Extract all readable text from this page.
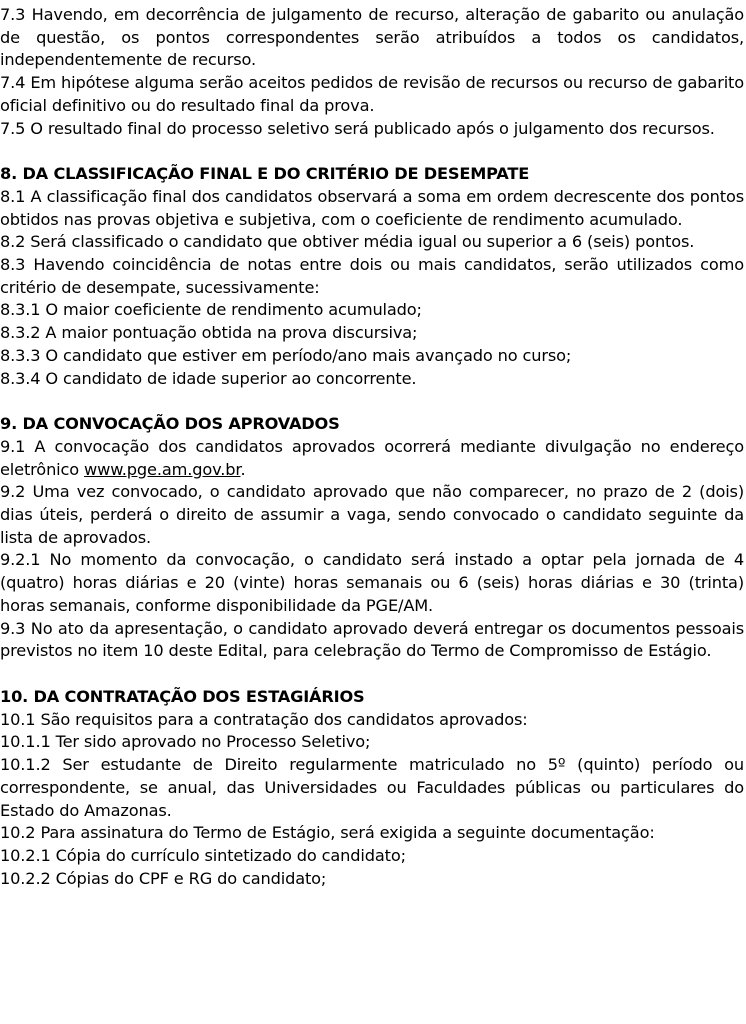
7.3 Havendo, em decorrência de julgamento de recurso, alteração de gabarito ou anulação de questão, os pontos correspondentes serão atribuídos a todos os candidatos, independentemente de recurso.

7.4 Em hipótese alguma serão aceitos pedidos de revisão de recursos ou recurso de gabarito oficial definitivo ou do resultado final da prova.

7.5 O resultado final do processo seletivo será publicado após o julgamento dos recursos.

8. DA CLASSIFICAÇÃO FINAL E DO CRITÉRIO DE DESEMPATE

8.1 A classificação final dos candidatos observará a soma em ordem decrescente dos pontos obtidos nas provas objetiva e subjetiva, com o coeficiente de rendimento acumulado.

8.2 Será classificado o candidato que obtiver média igual ou superior a 6 (seis) pontos.

8.3 Havendo coincidência de notas entre dois ou mais candidatos, serão utilizados como critério de desempate, sucessivamente:

8.3.1 O maior coeficiente de rendimento acumulado;

8.3.2 A maior pontuação obtida na prova discursiva;

8.3.3 O candidato que estiver em período/ano mais avançado no curso;

8.3.4 O candidato de idade superior ao concorrente.

9. DA CONVOCAÇÃO DOS APROVADOS

9.1 A convocação dos candidatos aprovados ocorrerá mediante divulgação no endereço eletrônico www.pge.am.gov.br.

9.2 Uma vez convocado, o candidato aprovado que não comparecer, no prazo de 2 (dois) dias úteis, perderá o direito de assumir a vaga, sendo convocado o candidato seguinte da lista de aprovados.

9.2.1 No momento da convocação, o candidato será instado a optar pela jornada de 4 (quatro) horas diárias e 20 (vinte) horas semanais ou 6 (seis) horas diárias e 30 (trinta) horas semanais, conforme disponibilidade da PGE/AM.

9.3 No ato da apresentação, o candidato aprovado deverá entregar os documentos pessoais previstos no item 10 deste Edital, para celebração do Termo de Compromisso de Estágio.

10. DA CONTRATAÇÃO DOS ESTAGIÁRIOS

10.1 São requisitos para a contratação dos candidatos aprovados:

10.1.1 Ter sido aprovado no Processo Seletivo;

10.1.2 Ser estudante de Direito regularmente matriculado no 5º (quinto) período ou correspondente, se anual, das Universidades ou Faculdades públicas ou particulares do Estado do Amazonas.

10.2 Para assinatura do Termo de Estágio, será exigida a seguinte documentação:

10.2.1 Cópia do currículo sintetizado do candidato;

10.2.2 Cópias do CPF e RG do candidato;
